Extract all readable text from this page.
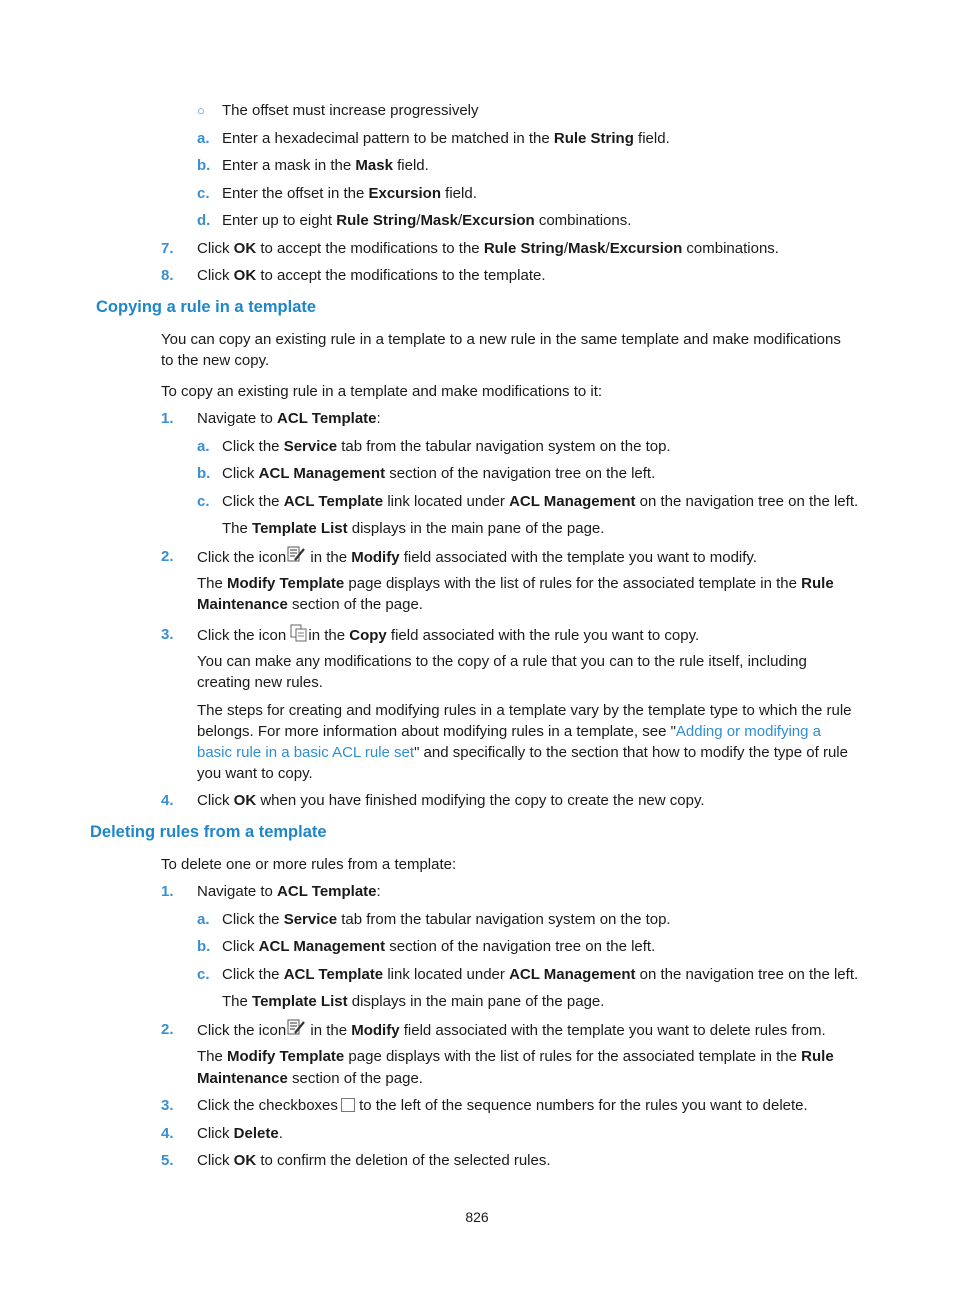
○ The offset must increase progressively
a. Enter a hexadecimal pattern to be matched in the Rule String field.
b. Enter a mask in the Mask field.
c. Enter the offset in the Excursion field.
d. Enter up to eight Rule String/Mask/Excursion combinations.
7. Click OK to accept the modifications to the Rule String/Mask/Excursion combinations.
8. Click OK to accept the modifications to the template.
Copying a rule in a template
You can copy an existing rule in a template to a new rule in the same template and make modifications
to the new copy.
To copy an existing rule in a template and make modifications to it:
1. Navigate to ACL Template:
a. Click the Service tab from the tabular navigation system on the top.
b. Click ACL Management section of the navigation tree on the left.
c. Click the ACL Template link located under ACL Management on the navigation tree on the left.
The Template List displays in the main pane of the page.
2. Click the icon in the Modify field associated with the template you want to modify.
The Modify Template page displays with the list of rules for the associated template in the Rule
Maintenance section of the page.
3. Click the icon in the Copy field associated with the rule you want to copy.
You can make any modifications to the copy of a rule that you can to the rule itself, including
creating new rules.
The steps for creating and modifying rules in a template vary by the template type to which the rule
belongs. For more information about modifying rules in a template, see "Adding or modifying a
basic rule in a basic ACL rule set" and specifically to the section that how to modify the type of rule
you want to copy.
4. Click OK when you have finished modifying the copy to create the new copy.
Deleting rules from a template
To delete one or more rules from a template:
1. Navigate to ACL Template:
a. Click the Service tab from the tabular navigation system on the top.
b. Click ACL Management section of the navigation tree on the left.
c. Click the ACL Template link located under ACL Management on the navigation tree on the left.
The Template List displays in the main pane of the page.
2. Click the icon in the Modify field associated with the template you want to delete rules from.
The Modify Template page displays with the list of rules for the associated template in the Rule
Maintenance section of the page.
3. Click the checkboxes to the left of the sequence numbers for the rules you want to delete.
4. Click Delete.
5. Click OK to confirm the deletion of the selected rules.
826
